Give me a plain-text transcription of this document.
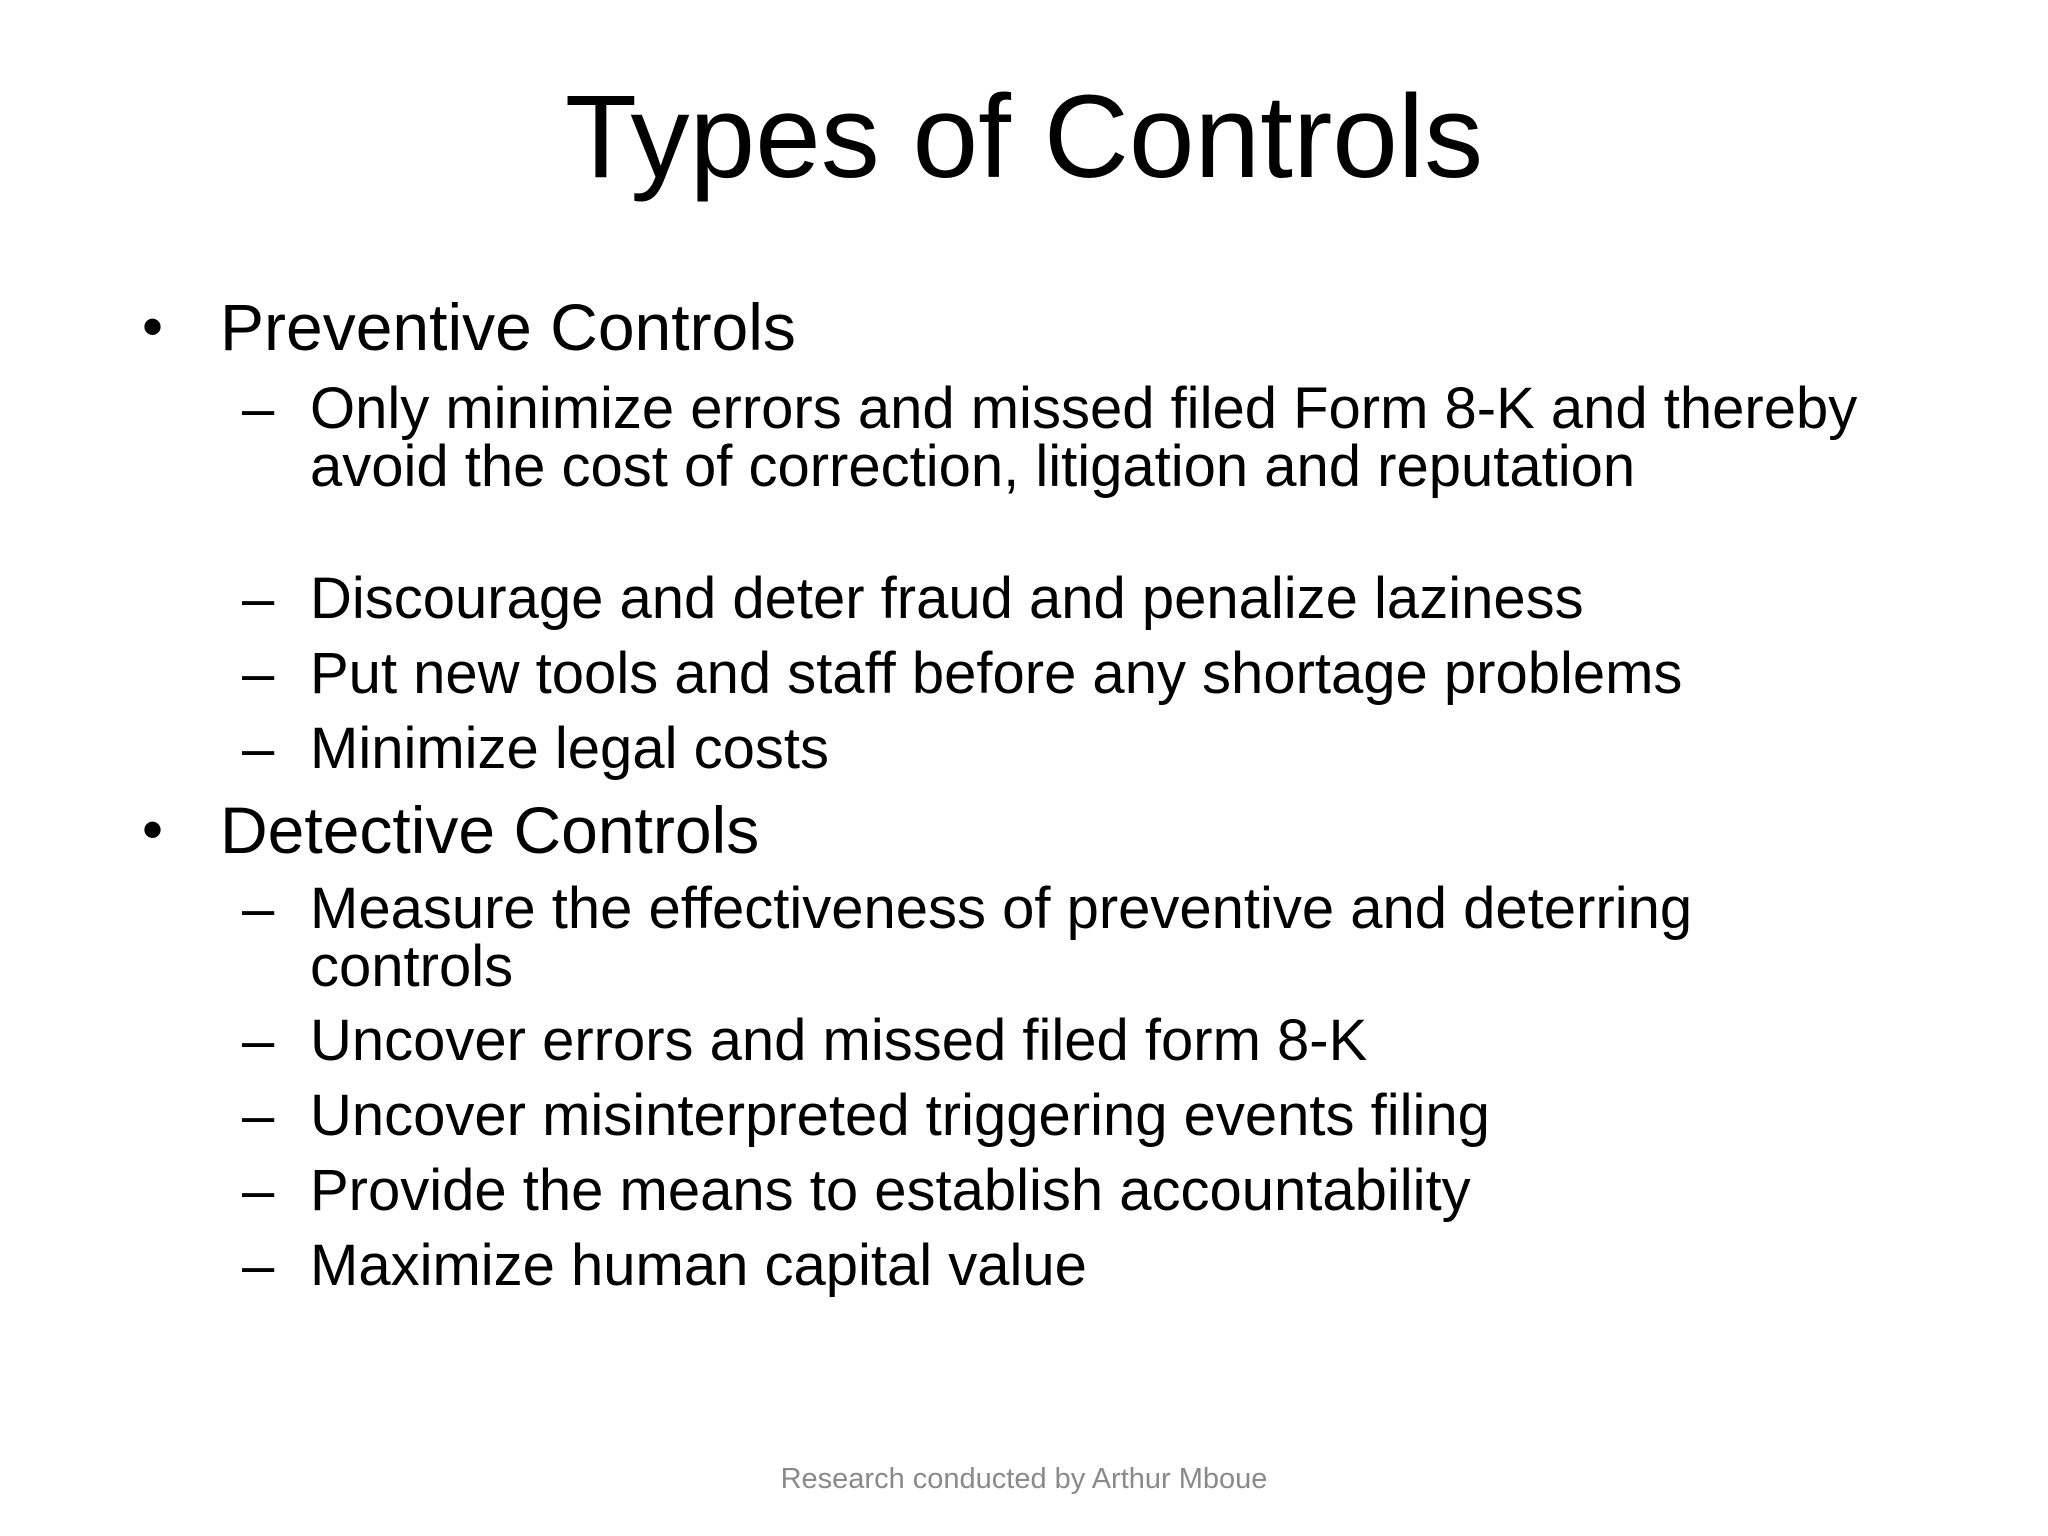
Types of Controls
• Preventive Controls
– Only minimize errors and missed filed Form 8-K and thereby avoid the cost of correction, litigation and reputation
– Discourage and deter fraud and penalize laziness
– Put new tools and staff before any shortage problems
– Minimize legal costs
• Detective Controls
– Measure the effectiveness of preventive and deterring controls
– Uncover errors and missed filed form 8-K
– Uncover misinterpreted triggering events filing
– Provide the means to establish accountability
– Maximize human capital value
Research conducted by Arthur Mboue
